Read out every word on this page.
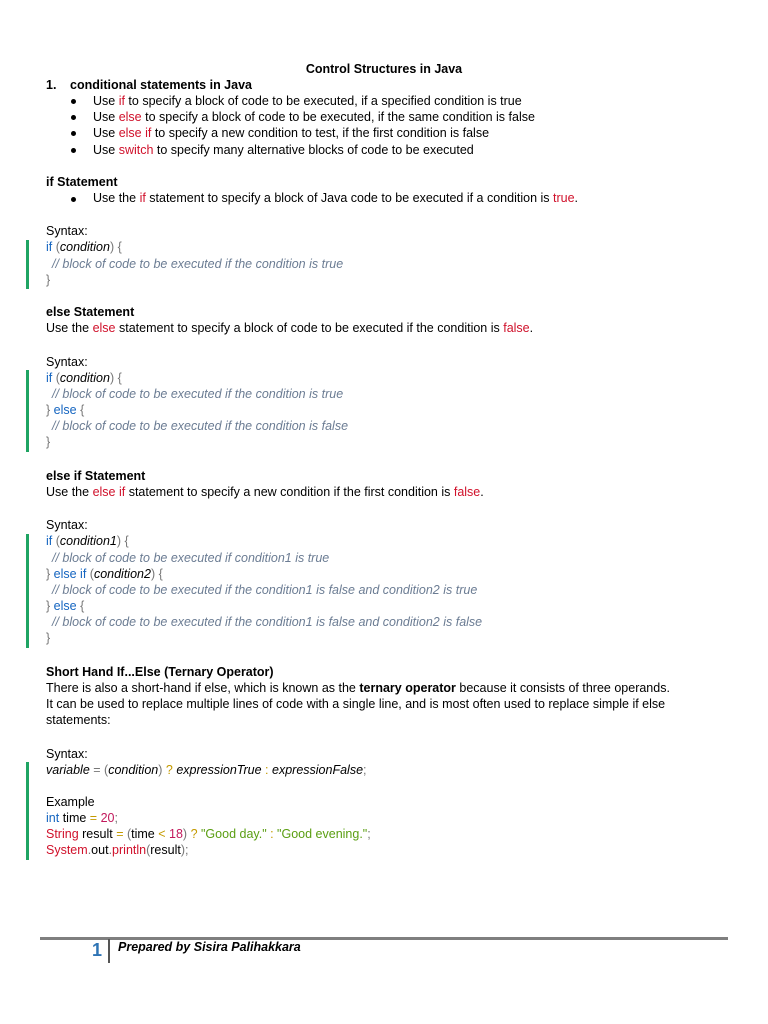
Control Structures in Java
1. conditional statements in Java
Use if to specify a block of code to be executed, if a specified condition is true
Use else to specify a block of code to be executed, if the same condition is false
Use else if to specify a new condition to test, if the first condition is false
Use switch to specify many alternative blocks of code to be executed
if Statement
Use the if statement to specify a block of Java code to be executed if a condition is true.
Syntax:
if (condition) {
// block of code to be executed if the condition is true
}
else Statement
Use the else statement to specify a block of code to be executed if the condition is false.
Syntax:
if (condition) {
// block of code to be executed if the condition is true
} else {
// block of code to be executed if the condition is false
}
else if Statement
Use the else if statement to specify a new condition if the first condition is false.
Syntax:
if (condition1) {
// block of code to be executed if condition1 is true
} else if (condition2) {
// block of code to be executed if the condition1 is false and condition2 is true
} else {
// block of code to be executed if the condition1 is false and condition2 is false
}
Short Hand If...Else (Ternary Operator)
There is also a short-hand if else, which is known as the ternary operator because it consists of three operands.
It can be used to replace multiple lines of code with a single line, and is most often used to replace simple if else
statements:
Syntax:
variable = (condition) ? expressionTrue : expressionFalse;
Example
int time = 20;
String result = (time < 18) ? "Good day." : "Good evening.";
System.out.println(result);
1 Prepared by Sisira Palihakkara
